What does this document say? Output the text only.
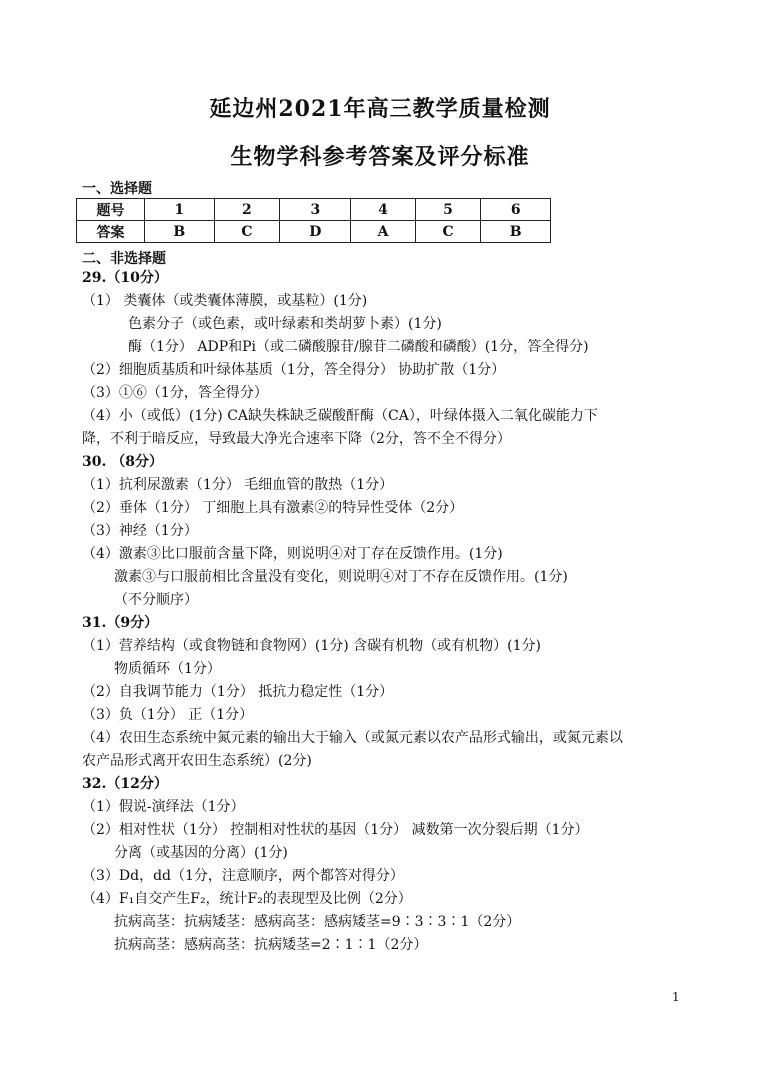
延边州2021年高三教学质量检测
生物学科参考答案及评分标准
一、选择题
题号	1	2	3	4	5	6
答案	B	C	D	A	C	B
二、非选择题
29.（10分）
（1） 类囊体（或类囊体薄膜，或基粒）(1分)
色素分子（或色素，或叶绿素和类胡萝卜素）(1分)
酶（1分） ADP和Pi（或二磷酸腺苷/腺苷二磷酸和磷酸）(1分，答全得分)
（2）细胞质基质和叶绿体基质（1分，答全得分） 协助扩散（1分）
（3）①⑥（1分，答全得分）
（4）小（或低）(1分) CA缺失株缺乏碳酸酐酶（CA），叶绿体摄入二氧化碳能力下
降，不利于暗反应，导致最大净光合速率下降（2分，答不全不得分）
30. （8分）
（1）抗利尿激素（1分） 毛细血管的散热（1分）
（2）垂体（1分） 丁细胞上具有激素②的特异性受体（2分）
（3）神经（1分）
（4）激素③比口服前含量下降，则说明④对丁存在反馈作用。(1分)
激素③与口服前相比含量没有变化，则说明④对丁不存在反馈作用。(1分)
（不分顺序）
31.（9分）
（1）营养结构（或食物链和食物网）(1分) 含碳有机物（或有机物）(1分)
物质循环（1分）
（2）自我调节能力（1分） 抵抗力稳定性（1分）
（3）负（1分） 正（1分）
（4）农田生态系统中氮元素的输出大于输入（或氮元素以农产品形式输出，或氮元素以
农产品形式离开农田生态系统）(2分)
32.（12分）
（1）假说-演绎法（1分）
（2）相对性状（1分） 控制相对性状的基因（1分） 减数第一次分裂后期（1分）
分离（或基因的分离）(1分)
（3）Dd，dd（1分，注意顺序，两个都答对得分）
（4）F₁自交产生F₂，统计F₂的表现型及比例（2分）
抗病高茎：抗病矮茎：感病高茎：感病矮茎=9∶3∶3∶1（2分）
抗病高茎：感病高茎：抗病矮茎=2∶1∶1（2分）
1
